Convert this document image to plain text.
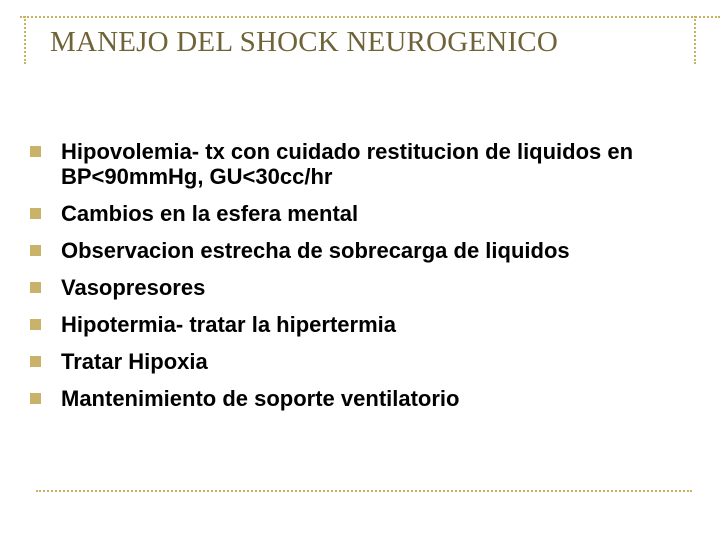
MANEJO DEL SHOCK NEUROGENICO
Hipovolemia- tx con cuidado restitucion de liquidos en BP<90mmHg, GU<30cc/hr
Cambios en la esfera mental
Observacion estrecha de sobrecarga de liquidos
Vasopresores
Hipotermia- tratar la hipertermia
Tratar Hipoxia
Mantenimiento de soporte ventilatorio
